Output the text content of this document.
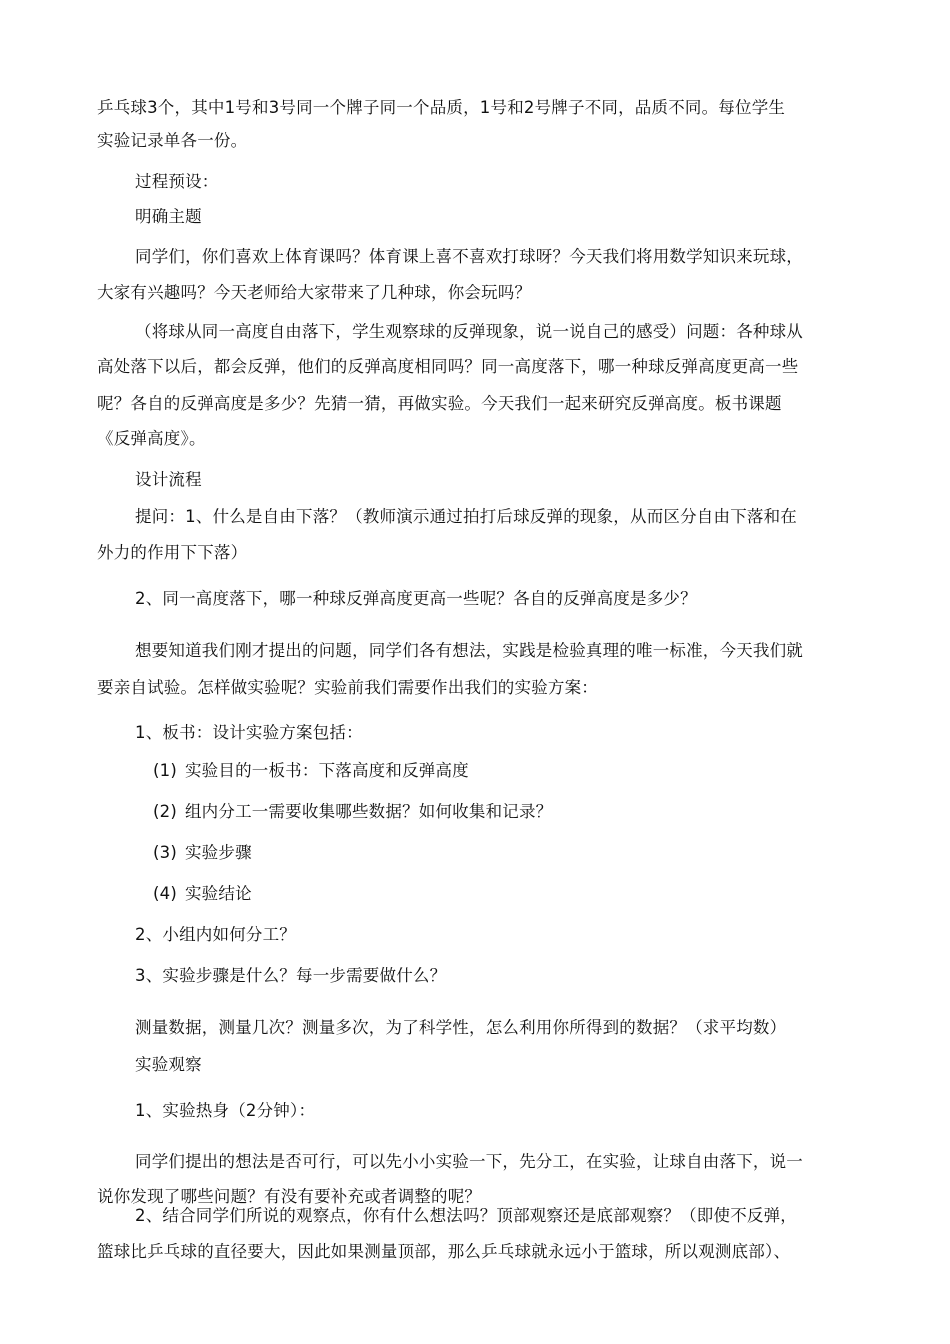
乒乓球3个，其中1号和3号同一个牌子同一个品质，1号和2号牌子不同，品质不同。每位学生
实验记录单各一份。
过程预设：
明确主题
同学们，你们喜欢上体育课吗？体育课上喜不喜欢打球呀？今天我们将用数学知识来玩球，
大家有兴趣吗？今天老师给大家带来了几种球，你会玩吗？
（将球从同一高度自由落下，学生观察球的反弹现象，说一说自己的感受）问题：各种球从
高处落下以后，都会反弹，他们的反弹高度相同吗？同一高度落下，哪一种球反弹高度更高一些
呢？各自的反弹高度是多少？先猜一猜，再做实验。今天我们一起来研究反弹高度。板书课题
《反弹高度》。
设计流程
提问：1、什么是自由下落？（教师演示通过拍打后球反弹的现象，从而区分自由下落和在
外力的作用下下落）
2、同一高度落下，哪一种球反弹高度更高一些呢？各自的反弹高度是多少？
想要知道我们刚才提出的问题，同学们各有想法，实践是检验真理的唯一标准，今天我们就
要亲自试验。怎样做实验呢？实验前我们需要作出我们的实验方案：
1、板书：设计实验方案包括：
(1) 实验目的一板书：下落高度和反弹高度
(2) 组内分工一需要收集哪些数据？如何收集和记录？
(3) 实验步骤
(4) 实验结论
2、小组内如何分工？
3、实验步骤是什么？每一步需要做什么？
测量数据，测量几次？测量多次，为了科学性，怎么利用你所得到的数据？（求平均数）
实验观察
1、实验热身（2分钟）：
同学们提出的想法是否可行，可以先小小实验一下，先分工，在实验，让球自由落下，说一
说你发现了哪些问题？有没有要补充或者调整的呢？
2、结合同学们所说的观察点，你有什么想法吗？顶部观察还是底部观察？（即使不反弹，
篮球比乒乓球的直径要大，因此如果测量顶部，那么乒乓球就永远小于篮球，所以观测底部）、
